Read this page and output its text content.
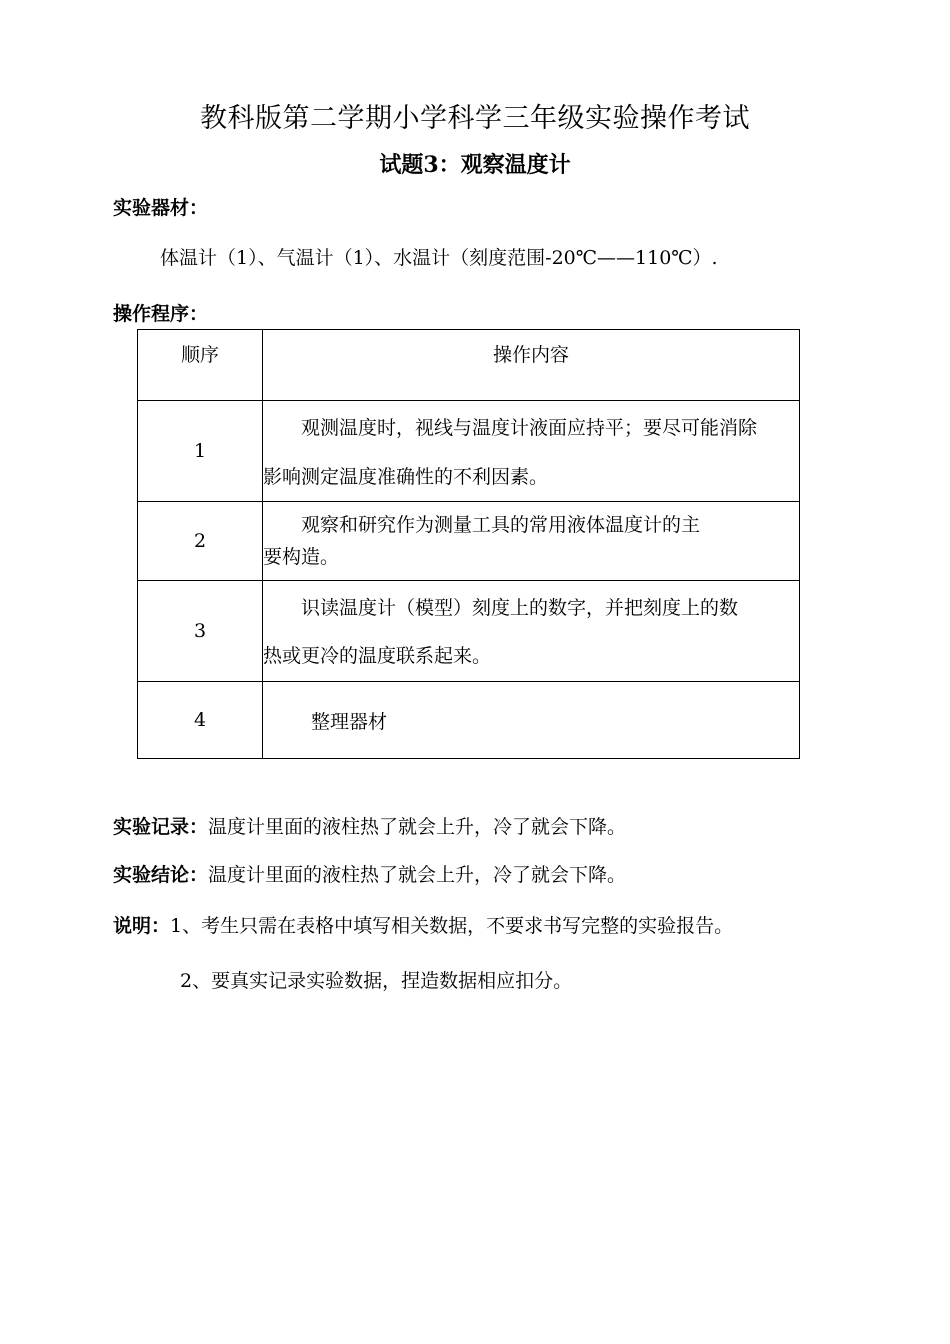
教科版第二学期小学科学三年级实验操作考试
试题3：观察温度计
实验器材：
体温计（1）、气温计（1）、水温计（刻度范围-20℃——110℃）.
操作程序：
顺序	操作内容
1	观测温度时，视线与温度计液面应持平；要尽可能消除
影响测定温度准确性的不利因素。

2	观察和研究作为测量工具的常用液体温度计的主
要构造。

3	识读温度计（模型）刻度上的数字，并把刻度上的数
热或更冷的温度联系起来。

4	整理器材
实验记录：温度计里面的液柱热了就会上升，冷了就会下降。
实验结论：温度计里面的液柱热了就会上升，冷了就会下降。
说明：1、考生只需在表格中填写相关数据，不要求书写完整的实验报告。
2、要真实记录实验数据，捏造数据相应扣分。
